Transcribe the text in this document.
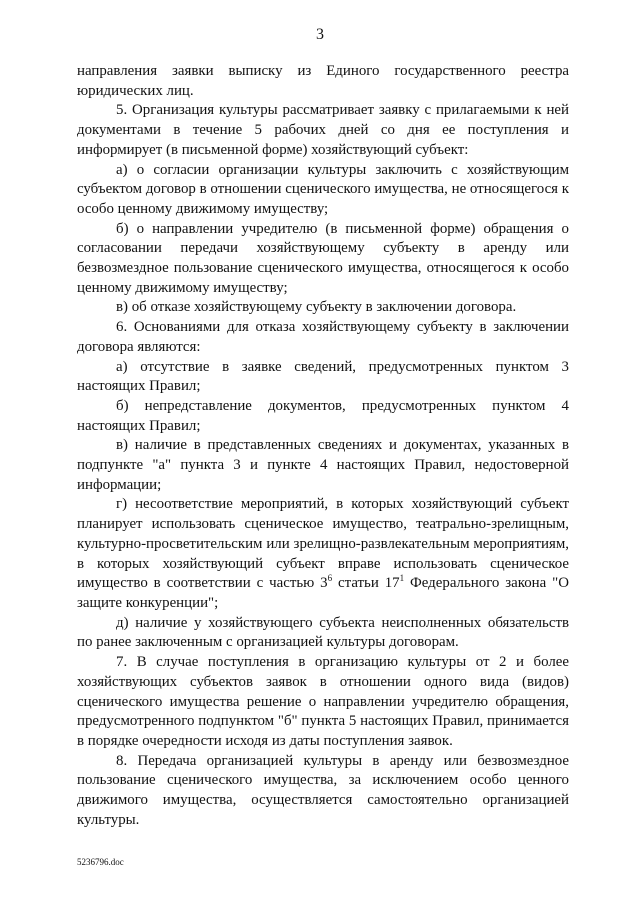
3

направления заявки выписку из Единого государственного реестра юридических лиц.

5. Организация культуры рассматривает заявку с прилагаемыми к ней документами в течение 5 рабочих дней со дня ее поступления и информирует (в письменной форме) хозяйствующий субъект:

а) о согласии организации культуры заключить с хозяйствующим субъектом договор в отношении сценического имущества, не относящегося к особо ценному движимому имуществу;

б) о направлении учредителю (в письменной форме) обращения о согласовании передачи хозяйствующему субъекту в аренду или безвозмездное пользование сценического имущества, относящегося к особо ценному движимому имуществу;

в) об отказе хозяйствующему субъекту в заключении договора.

6. Основаниями для отказа хозяйствующему субъекту в заключении договора являются:

а) отсутствие в заявке сведений, предусмотренных пунктом 3 настоящих Правил;

б) непредставление документов, предусмотренных пунктом 4 настоящих Правил;

в) наличие в представленных сведениях и документах, указанных в подпункте "а" пункта 3 и пункте 4 настоящих Правил, недостоверной информации;

г) несоответствие мероприятий, в которых хозяйствующий субъект планирует использовать сценическое имущество, театрально-зрелищным, культурно-просветительским или зрелищно-развлекательным мероприятиям, в которых хозяйствующий субъект вправе использовать сценическое имущество в соответствии с частью $3^6$ статьи $17^1$ Федерального закона "О защите конкуренции";

д) наличие у хозяйствующего субъекта неисполненных обязательств по ранее заключенным с организацией культуры договорам.

7. В случае поступления в организацию культуры от 2 и более хозяйствующих субъектов заявок в отношении одного вида (видов) сценического имущества решение о направлении учредителю обращения, предусмотренного подпунктом "б" пункта 5 настоящих Правил, принимается в порядке очередности исходя из даты поступления заявок.

8. Передача организацией культуры в аренду или безвозмездное пользование сценического имущества, за исключением особо ценного движимого имущества, осуществляется самостоятельно организацией культуры.

5236796.doc
